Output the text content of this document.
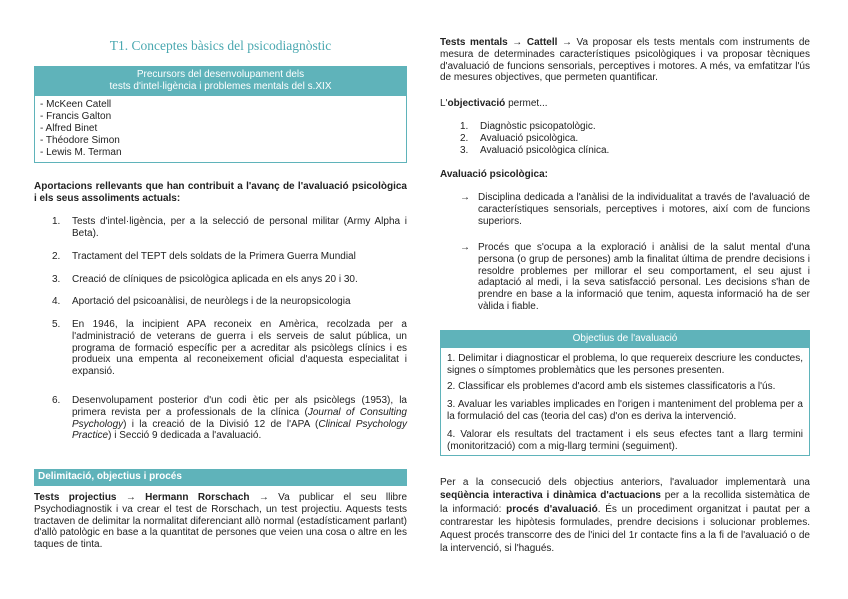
T1. Conceptes bàsics del psicodiagnòstic
Precursors del desenvolupament dels
tests d'intel·ligència i problemes mentals del s.XIX
- McKeen Catell
- Francis Galton
- Alfred Binet
- Théodore Simon
- Lewis M. Terman
Aportacions rellevants que han contribuit a l'avanç de l'avaluació psicològica i els seus assoliments actuals:
1. Tests d'intel·ligència, per a la selecció de personal militar (Army Alpha i Beta).
2. Tractament del TEPT dels soldats de la Primera Guerra Mundial
3. Creació de clíniques de psicològica aplicada en els anys 20 i 30.
4. Aportació del psicoanàlisi, de neuròlegs i de la neuropsicologia
5. En 1946, la incipient APA reconeix en Amèrica, recolzada per a l'administració de veterans de guerra i els serveis de salut pública, un programa de formació específic per a acreditar als psicòlegs clínics i es produeix una empenta al reconeixement oficial d'aquesta especialitat i expansió.
6. Desenvolupament posterior d'un codi ètic per als psicòlegs (1953), la primera revista per a professionals de la clínica (Journal of Consulting Psychology) i la creació de la Divisió 12 de l'APA (Clinical Psychology Practice) i Secció 9 dedicada a l'avaluació.
Delimitació, objectius i procés
Tests projectius → Hermann Rorschach → Va publicar el seu llibre Psychodiagnostik i va crear el test de Rorschach, un test projectiu. Aquests tests tractaven de delimitar la normalitat diferenciant allò normal (estadísticament parlant) d'allò patològic en base a la quantitat de persones que veien una cosa o altre en les taques de tinta.
Tests mentals → Cattell → Va proposar els tests mentals com instruments de mesura de determinades característiques psicològiques i va proposar tècniques d'avaluació de funcions sensorials, perceptives i motores. A més, va emfatitzar l'ús de mesures objectives, que permeten quantificar.
L'objectivació permet...
1. Diagnòstic psicopatològic.
2. Avaluació psicològica.
3. Avaluació psicològica clínica.
Avaluació psicològica:
→ Disciplina dedicada a l'anàlisi de la individualitat a través de l'avaluació de característiques sensorials, perceptives i motores, així com de funcions superiors.
→ Procés que s'ocupa a la exploració i anàlisi de la salut mental d'una persona (o grup de persones) amb la finalitat última de prendre decisions i resoldre problemes per millorar el seu comportament, el seu ajust i adaptació al medi, i la seva satisfacció personal. Les decisions s'han de prendre en base a la informació que tenim, aquesta informació ha de ser vàlida i fiable.
Objectius de l'avaluació
1. Delimitar i diagnosticar el problema, lo que requereix descriure les conductes, signes o símptomes problemàtics que les persones presenten.
2. Classificar els problemes d'acord amb els sistemes classificatoris a l'ús.
3. Avaluar les variables implicades en l'origen i manteniment del problema per a la formulació del cas (teoria del cas) d'on es deriva la intervenció.
4. Valorar els resultats del tractament i els seus efectes tant a llarg termini (monitorització) com a mig-llarg termini (seguiment).
Per a la consecució dels objectius anteriors, l'avaluador implementarà una seqüència interactiva i dinàmica d'actuacions per a la recollida sistemàtica de la informació: procés d'avaluació. És un procediment organitzat i pautat per a contrarestar les hipòtesis formulades, prendre decisions i solucionar problemes. Aquest procés transcorre des de l'inici del 1r contacte fins a la fi de l'avaluació o de la intervenció, si l'hagués.
